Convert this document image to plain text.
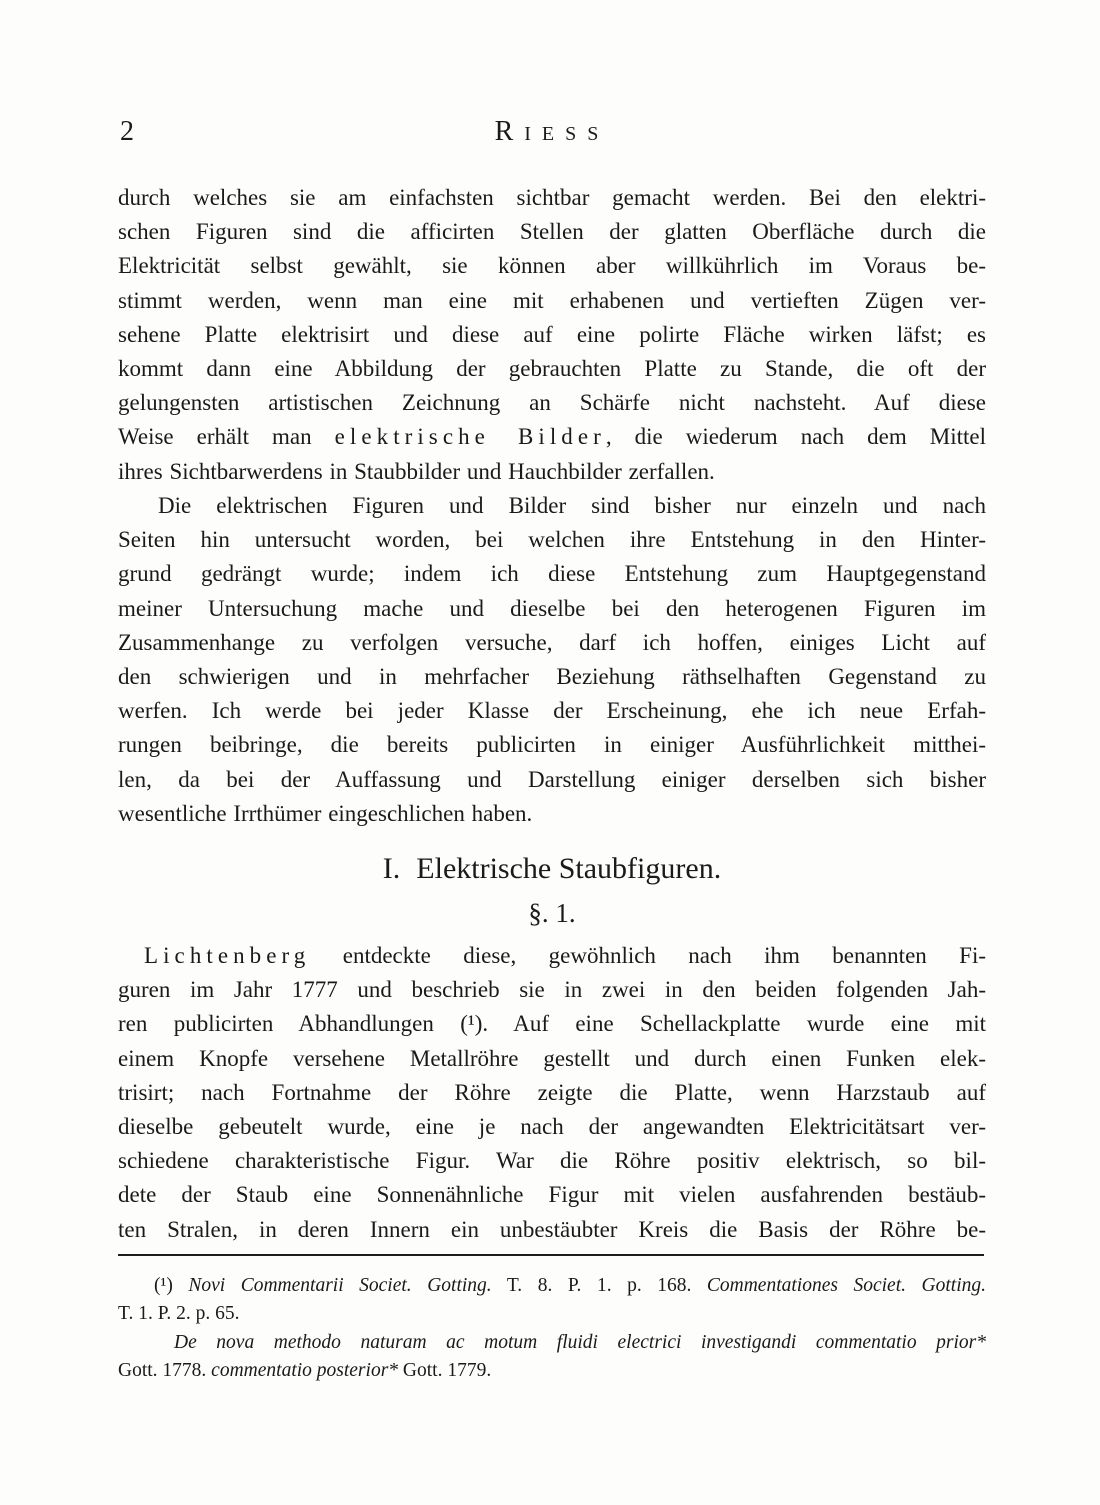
2	Riess
durch welches sie am einfachsten sichtbar gemacht werden. Bei den elektri-
schen Figuren sind die afficirten Stellen der glatten Oberfläche durch die
Elektricität selbst gewählt, sie können aber willkührlich im Voraus be-
stimmt werden, wenn man eine mit erhabenen und vertieften Zügen ver-
sehene Platte elektrisirt und diese auf eine polirte Fläche wirken läfst; es
kommt dann eine Abbildung der gebrauchten Platte zu Stande, die oft der
gelungensten artistischen Zeichnung an Schärfe nicht nachsteht. Auf diese
Weise erhält man elektrische Bilder, die wiederum nach dem Mittel
ihres Sichtbarwerdens in Staubbilder und Hauchbilder zerfallen.
Die elektrischen Figuren und Bilder sind bisher nur einzeln und nach
Seiten hin untersucht worden, bei welchen ihre Entstehung in den Hinter-
grund gedrängt wurde; indem ich diese Entstehung zum Hauptgegenstand
meiner Untersuchung mache und dieselbe bei den heterogenen Figuren im
Zusammenhange zu verfolgen versuche, darf ich hoffen, einiges Licht auf
den schwierigen und in mehrfacher Beziehung räthselhaften Gegenstand zu
werfen. Ich werde bei jeder Klasse der Erscheinung, ehe ich neue Erfah-
rungen beibringe, die bereits publicirten in einiger Ausführlichkeit mitthei-
len, da bei der Auffassung und Darstellung einiger derselben sich bisher
wesentliche Irrthümer eingeschlichen haben.
I. Elektrische Staubfiguren.
§. 1.
Lichtenberg entdeckte diese, gewöhnlich nach ihm benannten Fi-
guren im Jahr 1777 und beschrieb sie in zwei in den beiden folgenden Jah-
ren publicirten Abhandlungen (¹). Auf eine Schellackplatte wurde eine mit
einem Knopfe versehene Metallröhre gestellt und durch einen Funken elek-
trisirt; nach Fortnahme der Röhre zeigte die Platte, wenn Harzstaub auf
dieselbe gebeutelt wurde, eine je nach der angewandten Elektricitätsart ver-
schiedene charakteristische Figur. War die Röhre positiv elektrisch, so bil-
dete der Staub eine Sonnenähnliche Figur mit vielen ausfahrenden bestäub-
ten Stralen, in deren Innern ein unbestäubter Kreis die Basis der Röhre be-
(¹) Novi Commentarii Societ. Gotting. T. 8. P. 1. p. 168. Commentationes Societ. Gotting.
T. 1. P. 2. p. 65.
De nova methodo naturam ac motum fluidi electrici investigandi commentatio prior*
Gott. 1778. commentatio posterior* Gott. 1779.
